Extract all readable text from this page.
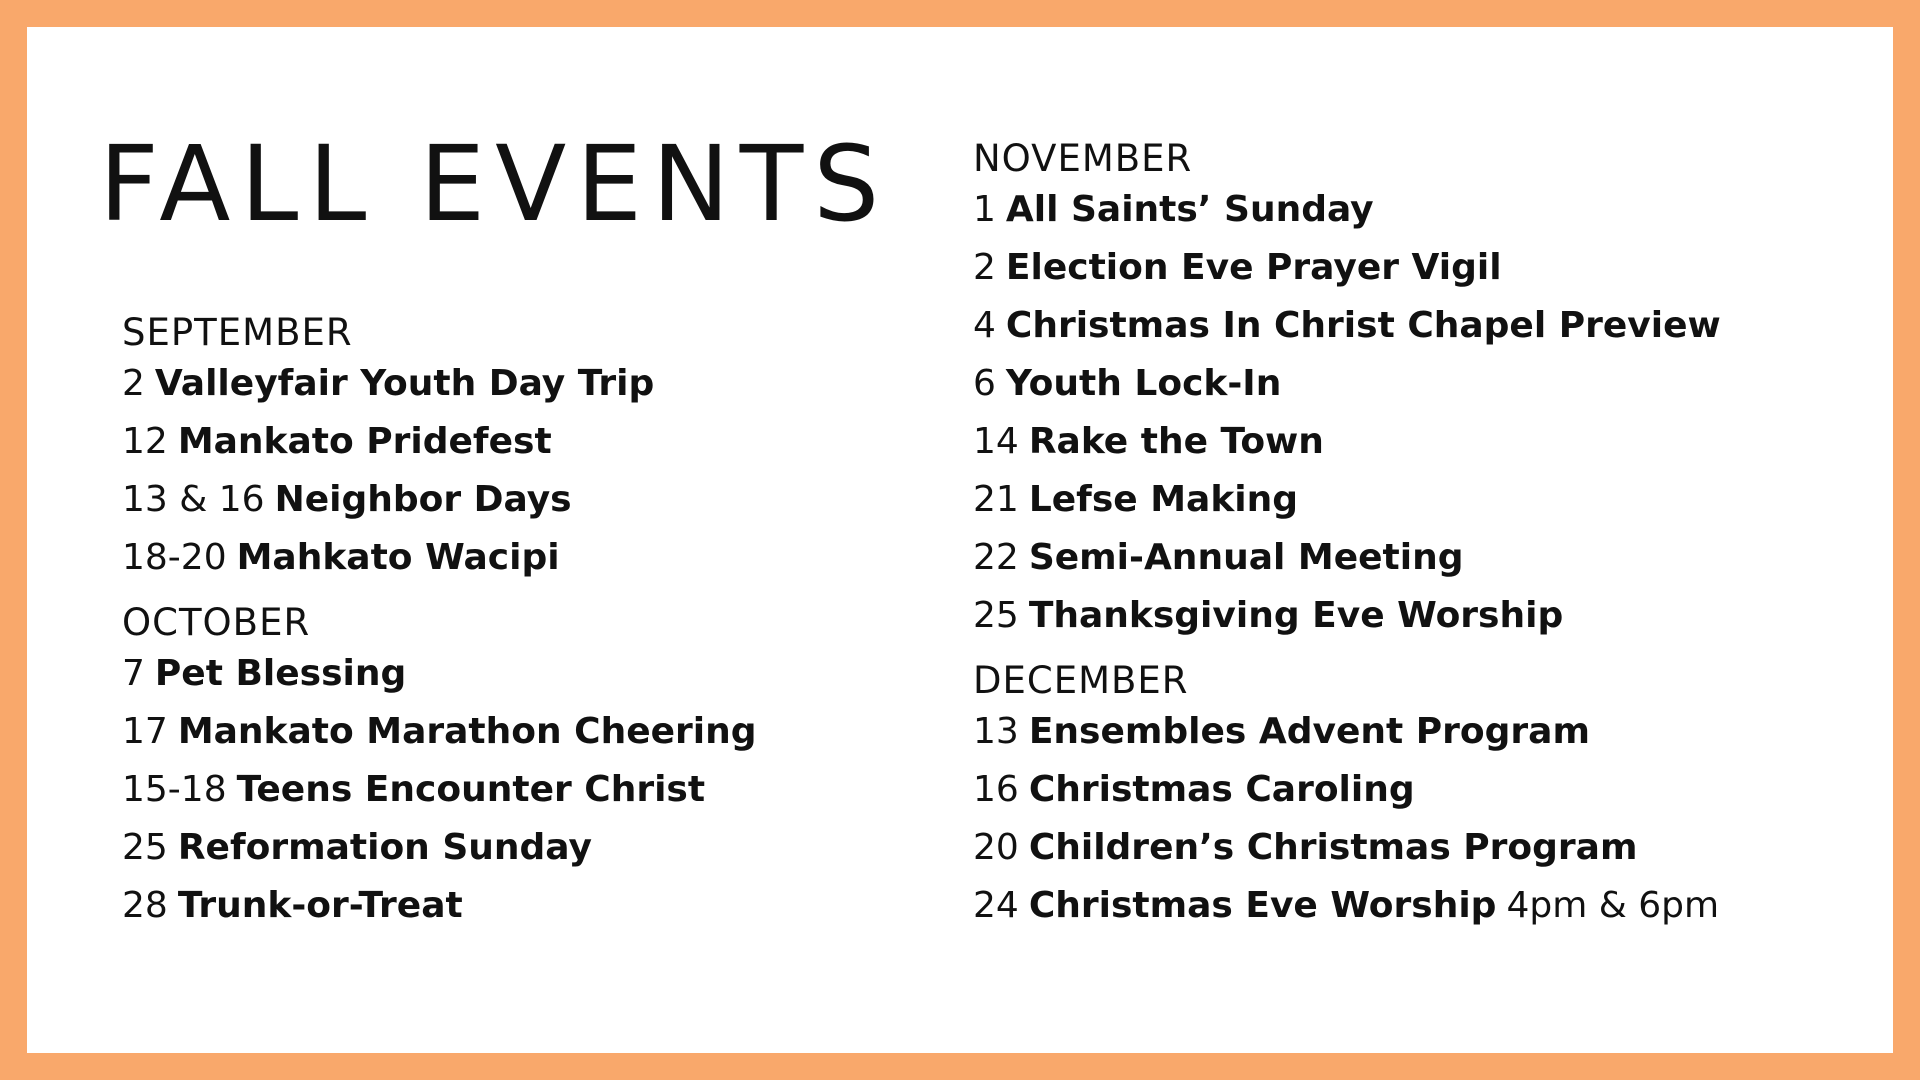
FALL EVENTS
SEPTEMBER
2 Valleyfair Youth Day Trip
12 Mankato Pridefest
13 & 16 Neighbor Days
18-20 Mahkato Wacipi
OCTOBER
7 Pet Blessing
17 Mankato Marathon Cheering
15-18 Teens Encounter Christ
25 Reformation Sunday
28 Trunk-or-Treat
NOVEMBER
1 All Saints’ Sunday
2 Election Eve Prayer Vigil
4 Christmas In Christ Chapel Preview
6 Youth Lock-In
14 Rake the Town
21 Lefse Making
22 Semi-Annual Meeting
25 Thanksgiving Eve Worship
DECEMBER
13 Ensembles Advent Program
16 Christmas Caroling
20 Children’s Christmas Program
24 Christmas Eve Worship 4pm & 6pm
